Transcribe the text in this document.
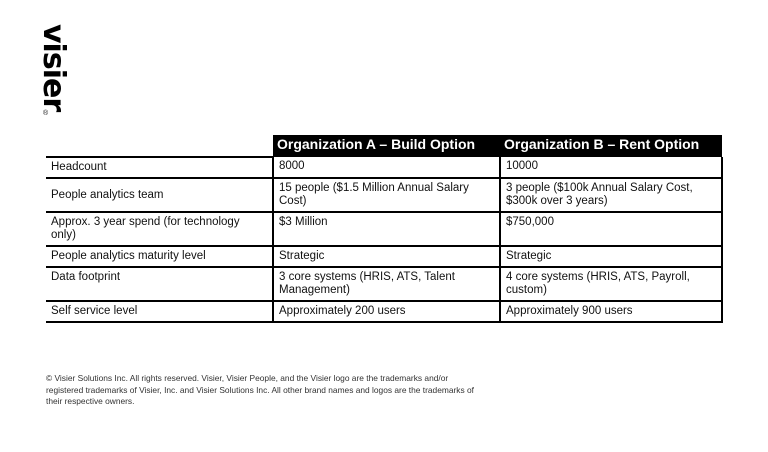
visier
®
	Organization A – Build Option	Organization B – Rent Option
Headcount	8000	10000
People analytics team	15 people ($1.5 Million Annual Salary Cost)	3 people ($100k Annual Salary Cost, $300k over 3 years)
Approx. 3 year spend (for technology only)	$3 Million	$750,000
People analytics maturity level	Strategic	Strategic
Data footprint	3 core systems (HRIS, ATS, Talent Management)	4 core systems (HRIS, ATS, Payroll, custom)
Self service level	Approximately 200 users	Approximately 900 users
© Visier Solutions Inc. All rights reserved. Visier, Visier People, and the Visier logo are the trademarks and/or registered trademarks of Visier, Inc. and Visier Solutions Inc. All other brand names and logos are the trademarks of their respective owners.
